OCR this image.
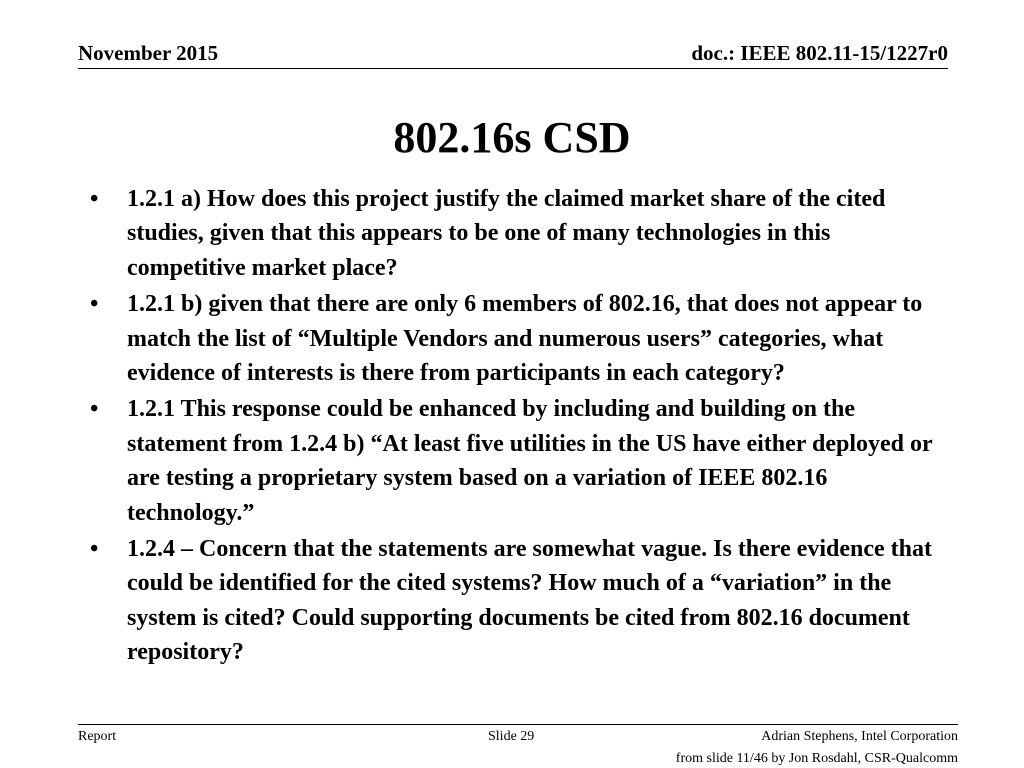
November 2015	doc.: IEEE 802.11-15/1227r0
802.16s CSD
• 1.2.1 a) How does this project justify the claimed market share of the cited studies, given that this appears to be one of many technologies in this competitive market place?
• 1.2.1 b) given that there are only 6 members of 802.16, that does not appear to match the list of “Multiple Vendors and numerous users” categories, what evidence of interests is there from participants in each category?
• 1.2.1 This response could be enhanced by including and building on the statement from 1.2.4 b) “At least five utilities in the US have either deployed or are testing a proprietary system based on a variation of IEEE 802.16 technology.”
• 1.2.4 – Concern that the statements are somewhat vague. Is there evidence that could be identified for the cited systems? How much of a “variation” in the system is cited? Could supporting documents be cited from 802.16 document repository?
Report	Slide 29	Adrian Stephens, Intel Corporation
from slide 11/46 by Jon Rosdahl, CSR-Qualcomm
